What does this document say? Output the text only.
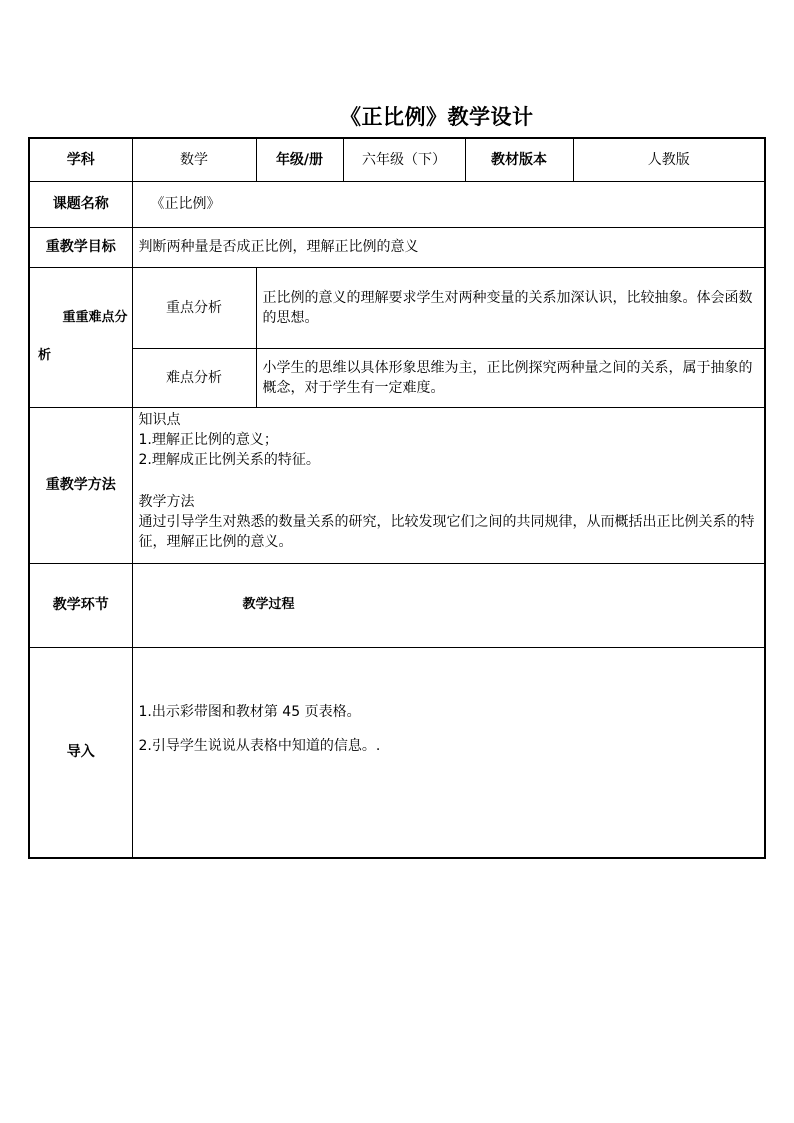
《正比例》教学设计
学科	数学	年级/册	六年级（下）	教材版本	人教版
课题名称	《正比例》				
重教学目标	判断两种量是否成正比例，理解正比例的意义				

重重难点分
析	重点分析	正比例的意义的理解要求学生对两种变量的关系加深认识，比较抽象。体会函数的思想。			
	难点分析	小学生的思维以具体形象思维为主，正比例探究两种量之间的关系，属于抽象的概念，对于学生有一定难度。			
重教学方法	知识点
1.理解正比例的意义；
2.理解成正比例关系的特征。
教学方法
通过引导学生对熟悉的数量关系的研究，比较发现它们之间的共同规律，从而概括出正比例关系的特征，理解正比例的意义。				

教学环节	教学过程				
导入	1.出示彩带图和教材第 45 页表格。
2.引导学生说说从表格中知道的信息。.				
